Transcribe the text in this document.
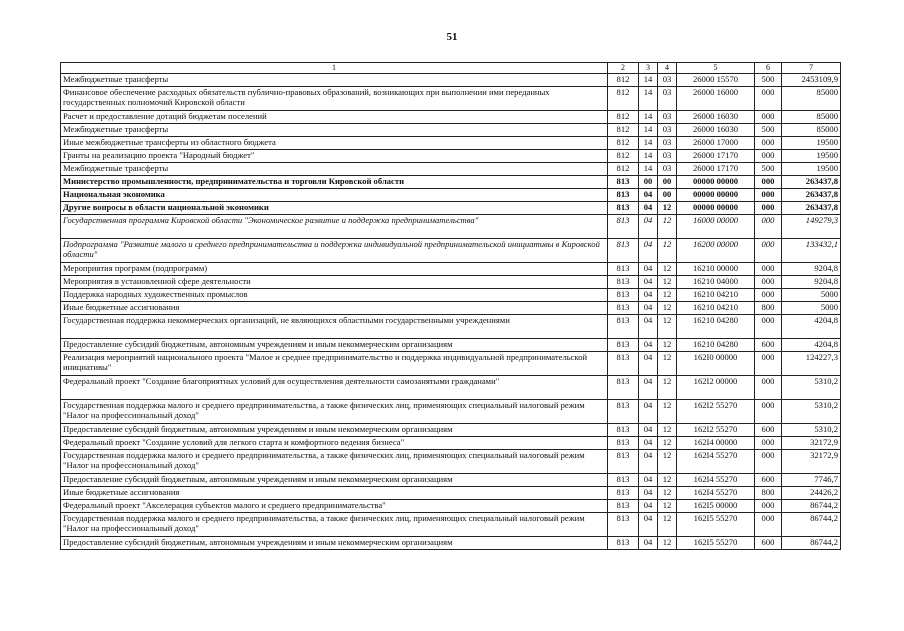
51
1	2	3	4	5	6	7
Межбюджетные трансферты	812	14	03	26000 15570	500	2453109,9
Финансовое обеспечение расходных обязательств публично-правовых образований, возникающих при выполнении ими переданных государственных полномочий Кировской области	812	14	03	26000 16000	000	85000
Расчет и предоставление дотаций бюджетам поселений	812	14	03	26000 16030	000	85000
Межбюджетные трансферты	812	14	03	26000 16030	500	85000
Иные межбюджетные трансферты из областного бюджета	812	14	03	26000 17000	000	19500
Гранты на реализацию проекта "Народный бюджет"	812	14	03	26000 17170	000	19500
Межбюджетные трансферты	812	14	03	26000 17170	500	19500
Министерство промышленности, предпринимательства и торговли Кировской области	813	00	00	00000 00000	000	263437,8
Национальная экономика	813	04	00	00000 00000	000	263437,8
Другие вопросы в области национальной экономики	813	04	12	00000 00000	000	263437,8
Государственная программа Кировской области "Экономическое развитие и поддержка предпринимательства"	813	04	12	16000 00000	000	149279,3
Подпрограмма "Развитие малого и среднего предпринимательства и поддержка индивидуальной предпринимательской инициативы в Кировской области"	813	04	12	16200 00000	000	133432,1
Мероприятия программ (подпрограмм)	813	04	12	16210 00000	000	9204,8
Мероприятия в установленной сфере деятельности	813	04	12	16210 04000	000	9204,8
Поддержка народных художественных промыслов	813	04	12	16210 04210	000	5000
Иные бюджетные ассигнования	813	04	12	16210 04210	800	5000
Государственная поддержка некоммерческих организаций, не являющихся областными государственными учреждениями	813	04	12	16210 04280	000	4204,8
Предоставление субсидий бюджетным, автономным учреждениям и иным некоммерческим организациям	813	04	12	16210 04280	600	4204,8
Реализация мероприятий национального проекта "Малое и среднее предпринимательство и поддержка индивидуальной предпринимательской инициативы"	813	04	12	162I0 00000	000	124227,3
Федеральный проект "Создание благоприятных условий для осуществления деятельности самозанятыми гражданами"	813	04	12	162I2 00000	000	5310,2
Государственная поддержка малого и среднего предпринимательства, а также физических лиц, применяющих специальный налоговый режим "Налог на профессиональный доход"	813	04	12	162I2 55270	000	5310,2
Предоставление субсидий бюджетным, автономным учреждениям и иным некоммерческим организациям	813	04	12	162I2 55270	600	5310,2
Федеральный проект "Создание условий для легкого старта и комфортного ведения бизнеса"	813	04	12	162I4 00000	000	32172,9
Государственная поддержка малого и среднего предпринимательства, а также физических лиц, применяющих специальный налоговый режим "Налог на профессиональный доход"	813	04	12	162I4 55270	000	32172,9
Предоставление субсидий бюджетным, автономным учреждениям и иным некоммерческим организациям	813	04	12	162I4 55270	600	7746,7
Иные бюджетные ассигнования	813	04	12	162I4 55270	800	24426,2
Федеральный проект "Акселерация субъектов малого и среднего предпринимательства"	813	04	12	162I5 00000	000	86744,2
Государственная поддержка малого и среднего предпринимательства, а также физических лиц, применяющих специальный налоговый режим "Налог на профессиональный доход"	813	04	12	162I5 55270	000	86744,2
Предоставление субсидий бюджетным, автономным учреждениям и иным некоммерческим организациям	813	04	12	162I5 55270	600	86744,2
